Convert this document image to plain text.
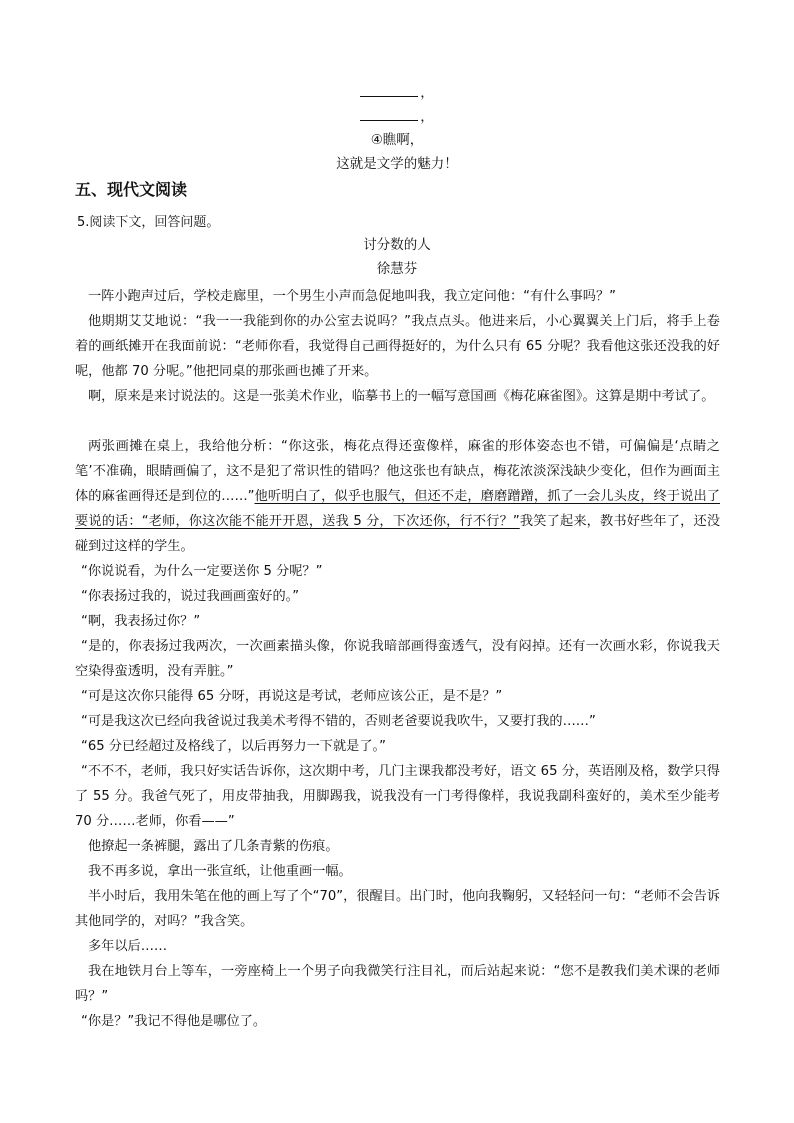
，
，
④瞧啊，
这就是文学的魅力！
五、现代文阅读
5.阅读下文，回答问题。
讨分数的人
徐慧芬
一阵小跑声过后，学校走廊里，一个男生小声而急促地叫我，我立定问他：“有什么事吗？”
他期期艾艾地说：“我一一我能到你的办公室去说吗？”我点点头。他进来后，小心翼翼关上门后，将手上卷着的画纸摊开在我面前说：“老师你看，我觉得自己画得挺好的，为什么只有 65 分呢？我看他这张还没我的好呢，他都 70 分呢。”他把同桌的那张画也摊了开来。
啊，原来是来讨说法的。这是一张美术作业，临摹书上的一幅写意国画《梅花麻雀图》。这算是期中考试了。
两张画摊在桌上，我给他分析：“你这张，梅花点得还蛮像样，麻雀的形体姿态也不错，可偏偏是‘点睛之笔’不准确，眼睛画偏了，这不是犯了常识性的错吗？他这张也有缺点，梅花浓淡深浅缺少变化，但作为画面主体的麻雀画得还是到位的……”他听明白了，似乎也服气，但还不走，磨磨蹭蹭，抓了一会儿头皮，终于说出了要说的话：“老师，你这次能不能开开恩，送我 5 分，下次还你，行不行？”我笑了起来，教书好些年了，还没碰到过这样的学生。
“你说说看，为什么一定要送你 5 分呢？”
“你表扬过我的，说过我画画蛮好的。”
“啊，我表扬过你？”
“是的，你表扬过我两次，一次画素描头像，你说我暗部画得蛮透气，没有闷掉。还有一次画水彩，你说我天空染得蛮透明，没有弄脏。”
“可是这次你只能得 65 分呀，再说这是考试，老师应该公正，是不是？”
“可是我这次已经向我爸说过我美术考得不错的，否则老爸要说我吹牛，又要打我的……”
“65 分已经超过及格线了，以后再努力一下就是了。”
“不不不，老师，我只好实话告诉你，这次期中考，几门主课我都没考好，语文 65 分，英语刚及格，数学只得了 55 分。我爸气死了，用皮带抽我，用脚踢我，说我没有一门考得像样，我说我副科蛮好的，美术至少能考 70 分……老师，你看——”
他撩起一条裤腿，露出了几条青紫的伤痕。
我不再多说，拿出一张宣纸，让他重画一幅。
半小时后，我用朱笔在他的画上写了个“70”，很醒目。出门时，他向我鞠躬，又轻轻问一句：“老师不会告诉其他同学的，对吗？”我含笑。
多年以后……
我在地铁月台上等车，一旁座椅上一个男子向我微笑行注目礼，而后站起来说：“您不是教我们美术课的老师吗？”
“你是？”我记不得他是哪位了。
